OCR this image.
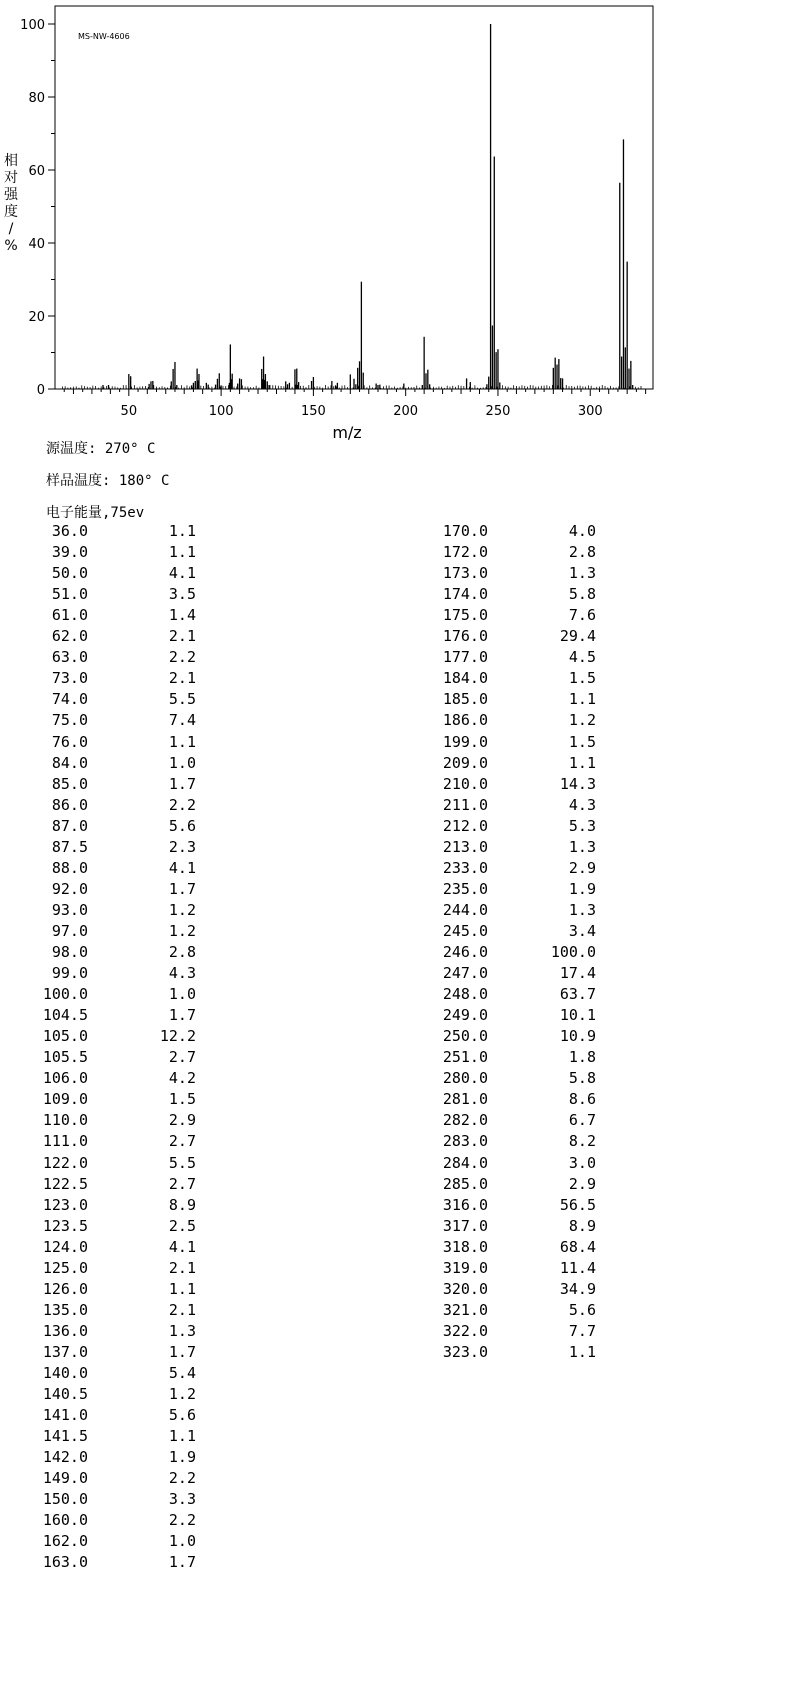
50	100	150	200	250	300
0
20
40
60
80
100
MS-NW-4606
m/z
相
对
强
度
/
%
源温度: 270° C
样品温度: 180° C
电子能量,75ev
36.0	1.1
39.0	1.1
50.0	4.1
51.0	3.5
61.0	1.4
62.0	2.1
63.0	2.2
73.0	2.1
74.0	5.5
75.0	7.4
76.0	1.1
84.0	1.0
85.0	1.7
86.0	2.2
87.0	5.6
87.5	2.3
88.0	4.1
92.0	1.7
93.0	1.2
97.0	1.2
98.0	2.8
99.0	4.3
100.0	1.0
104.5	1.7
105.0	12.2
105.5	2.7
106.0	4.2
109.0	1.5
110.0	2.9
111.0	2.7
122.0	5.5
122.5	2.7
123.0	8.9
123.5	2.5
124.0	4.1
125.0	2.1
126.0	1.1
135.0	2.1
136.0	1.3
137.0	1.7
140.0	5.4
140.5	1.2
141.0	5.6
141.5	1.1
142.0	1.9
149.0	2.2
150.0	3.3
160.0	2.2
162.0	1.0
163.0	1.7
170.0	4.0
172.0	2.8
173.0	1.3
174.0	5.8
175.0	7.6
176.0	29.4
177.0	4.5
184.0	1.5
185.0	1.1
186.0	1.2
199.0	1.5
209.0	1.1
210.0	14.3
211.0	4.3
212.0	5.3
213.0	1.3
233.0	2.9
235.0	1.9
244.0	1.3
245.0	3.4
246.0	100.0
247.0	17.4
248.0	63.7
249.0	10.1
250.0	10.9
251.0	1.8
280.0	5.8
281.0	8.6
282.0	6.7
283.0	8.2
284.0	3.0
285.0	2.9
316.0	56.5
317.0	8.9
318.0	68.4
319.0	11.4
320.0	34.9
321.0	5.6
322.0	7.7
323.0	1.1
